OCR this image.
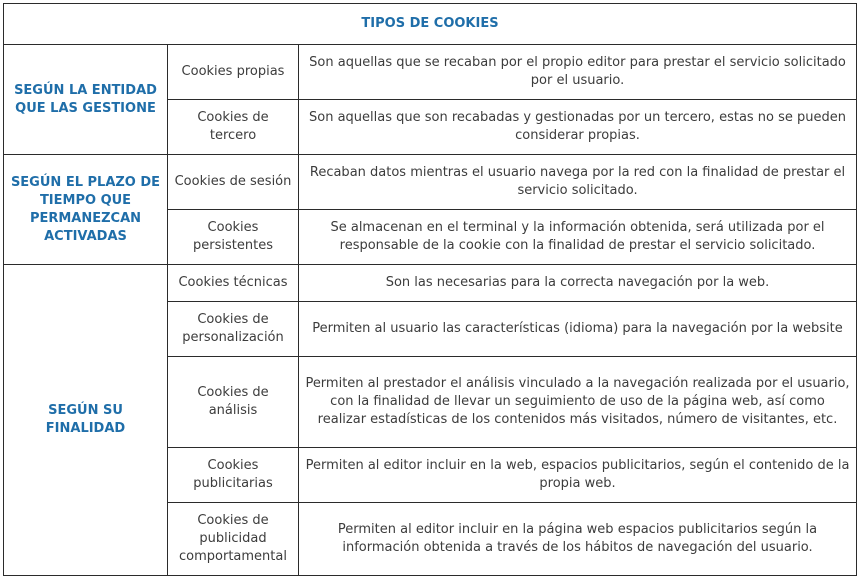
TIPOS DE COOKIES		
SEGÚN LA ENTIDAD QUE LAS GESTIONE	Cookies propias	Son aquellas que se recaban por el propio editor para prestar el servicio solicitado por el usuario.
	Cookies de tercero	Son aquellas que son recabadas y gestionadas por un tercero, estas no se pueden considerar propias.
SEGÚN EL PLAZO DE TIEMPO QUE PERMANEZCAN ACTIVADAS	Cookies de sesión	Recaban datos mientras el usuario navega por la red con la finalidad de prestar el servicio solicitado.
	Cookies persistentes	Se almacenan en el terminal y la información obtenida, será utilizada por el responsable de la cookie con la finalidad de prestar el servicio solicitado.
SEGÚN SU FINALIDAD	Cookies técnicas	Son las necesarias para la correcta navegación por la web.
	Cookies de personalización	Permiten al usuario las características (idioma) para la navegación por la website
	Cookies de análisis	Permiten al prestador el análisis vinculado a la navegación realizada por el usuario, con la finalidad de llevar un seguimiento de uso de la página web, así como realizar estadísticas de los contenidos más visitados, número de visitantes, etc.
	Cookies publicitarias	Permiten al editor incluir en la web, espacios publicitarios, según el contenido de la propia web.
	Cookies de publicidad comportamental	Permiten al editor incluir en la página web espacios publicitarios según la información obtenida a través de los hábitos de navegación del usuario.
